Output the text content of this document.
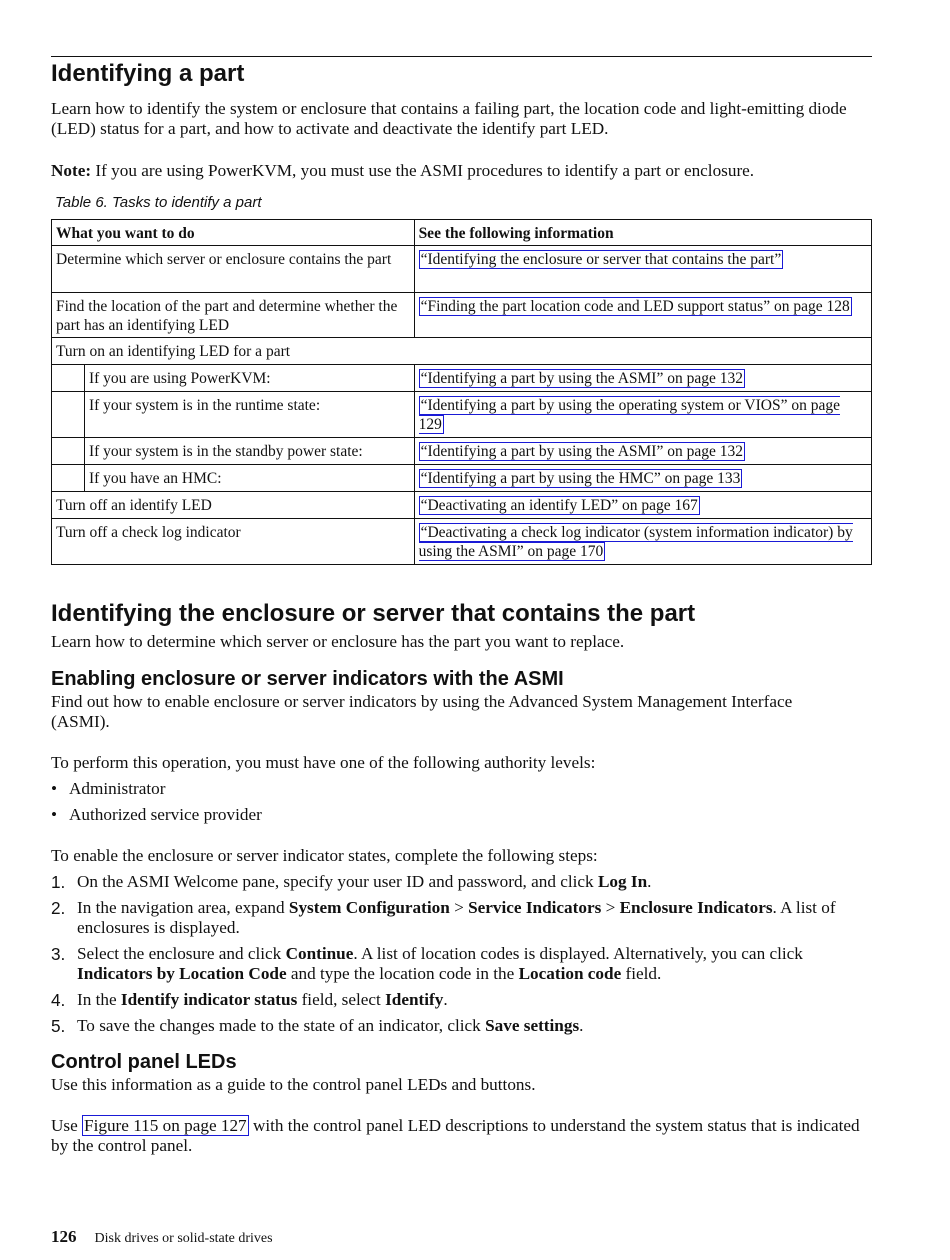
Identifying a part

Learn how to identify the system or enclosure that contains a failing part, the location code and light-emitting diode (LED) status for a part, and how to activate and deactivate the identify part LED.

Note: If you are using PowerKVM, you must use the ASMI procedures to identify a part or enclosure.

Table 6. Tasks to identify a part
What you want to do		See the following information
Determine which server or enclosure contains the part		“Identifying the enclosure or server that contains the part”
Find the location of the part and determine whether the part has an identifying LED		“Finding the part location code and LED support status” on page 128
Turn on an identifying LED for a part		
	If you are using PowerKVM:	“Identifying a part by using the ASMI” on page 132
	If your system is in the runtime state:	“Identifying a part by using the operating system or VIOS” on page 129
	If your system is in the standby power state:	“Identifying a part by using the ASMI” on page 132
	If you have an HMC:	“Identifying a part by using the HMC” on page 133
Turn off an identify LED		“Deactivating an identify LED” on page 167
Turn off a check log indicator		“Deactivating a check log indicator (system information indicator) by using the ASMI” on page 170
Identifying the enclosure or server that contains the part

Learn how to determine which server or enclosure has the part you want to replace.

Enabling enclosure or server indicators with the ASMI

Find out how to enable enclosure or server indicators by using the Advanced System Management Interface (ASMI).

To perform this operation, you must have one of the following authority levels:

• Administrator
• Authorized service provider

To enable the enclosure or server indicator states, complete the following steps:

1. On the ASMI Welcome pane, specify your user ID and password, and click Log In.
2. In the navigation area, expand System Configuration > Service Indicators > Enclosure Indicators. A list of enclosures is displayed.
3. Select the enclosure and click Continue. A list of location codes is displayed. Alternatively, you can click Indicators by Location Code and type the location code in the Location code field.
4. In the Identify indicator status field, select Identify.
5. To save the changes made to the state of an indicator, click Save settings.
Control panel LEDs

Use this information as a guide to the control panel LEDs and buttons.

Use Figure 115 on page 127 with the control panel LED descriptions to understand the system status that is indicated by the control panel.

126 Disk drives or solid-state drives
